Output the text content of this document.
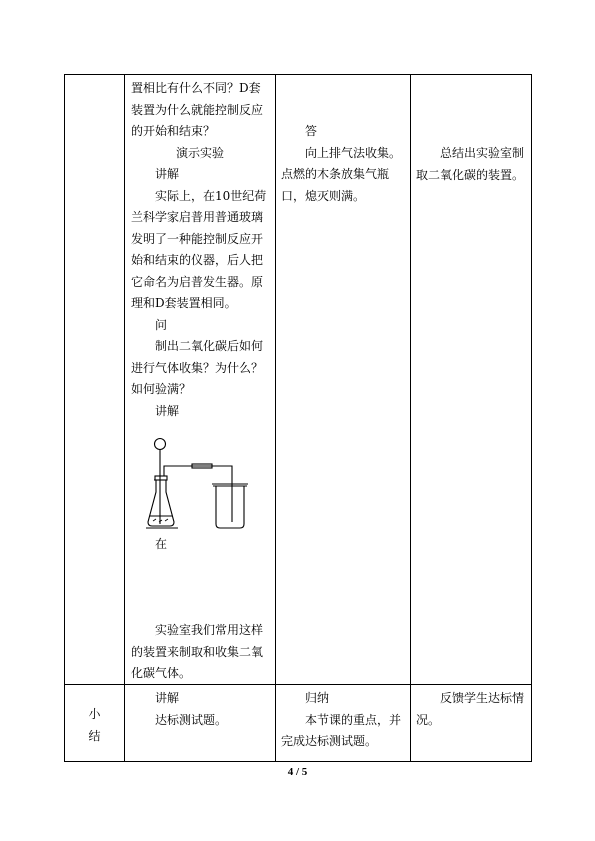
置相比有什么不同？D套装置为什么就能控制反应的开始和结束？
演示实验
讲解
实际上，在10世纪荷兰科学家启普用普通玻璃发明了一种能控制反应开始和结束的仪器，后人把它命名为启普发生器。原理和D套装置相同。
问
制出二氧化碳后如何进行气体收集？为什么？如何验满？
讲解
在
实验室我们常用这样的装置来制取和收集二氧化碳气体。
答
向上排气法收集。点燃的木条放集气瓶口，熄灭则满。
总结出实验室制取二氧化碳的装置。
小
结
讲解
达标测试题。
归纳
本节课的重点，并完成达标测试题。
反馈学生达标情况。
4 / 5
